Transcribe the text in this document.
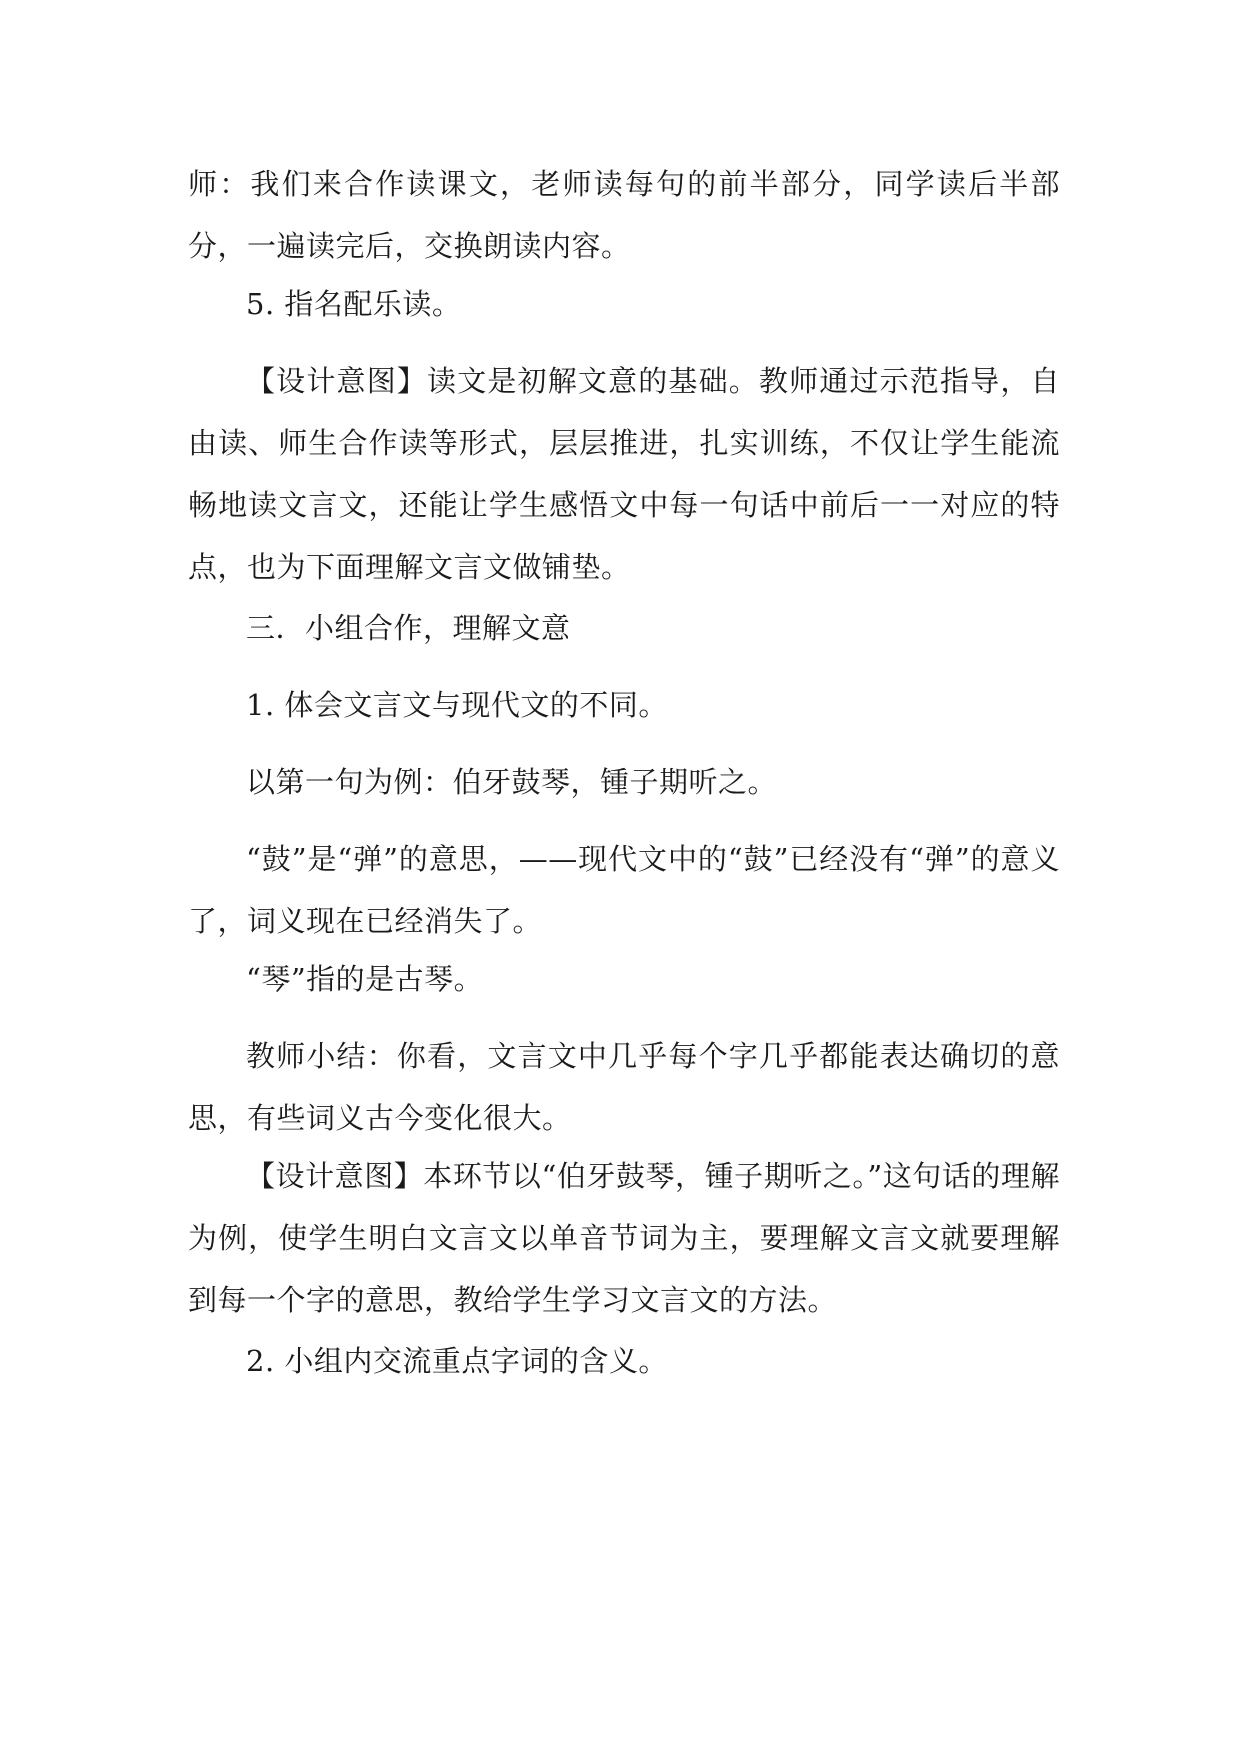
师：我们来合作读课文，老师读每句的前半部分，同学读后半部分，一遍读完后，交换朗读内容。

5. 指名配乐读。

【设计意图】读文是初解文意的基础。教师通过示范指导，自由读、师生合作读等形式，层层推进，扎实训练，不仅让学生能流畅地读文言文，还能让学生感悟文中每一句话中前后一一对应的特点，也为下面理解文言文做铺垫。

三．小组合作，理解文意

1. 体会文言文与现代文的不同。

以第一句为例：伯牙鼓琴，锺子期听之。

“鼓”是“弹”的意思，——现代文中的“鼓”已经没有“弹”的意义了，词义现在已经消失了。

“琴”指的是古琴。

教师小结：你看，文言文中几乎每个字几乎都能表达确切的意思，有些词义古今变化很大。

【设计意图】本环节以“伯牙鼓琴，锺子期听之。”这句话的理解为例，使学生明白文言文以单音节词为主，要理解文言文就要理解到每一个字的意思，教给学生学习文言文的方法。

2. 小组内交流重点字词的含义。
